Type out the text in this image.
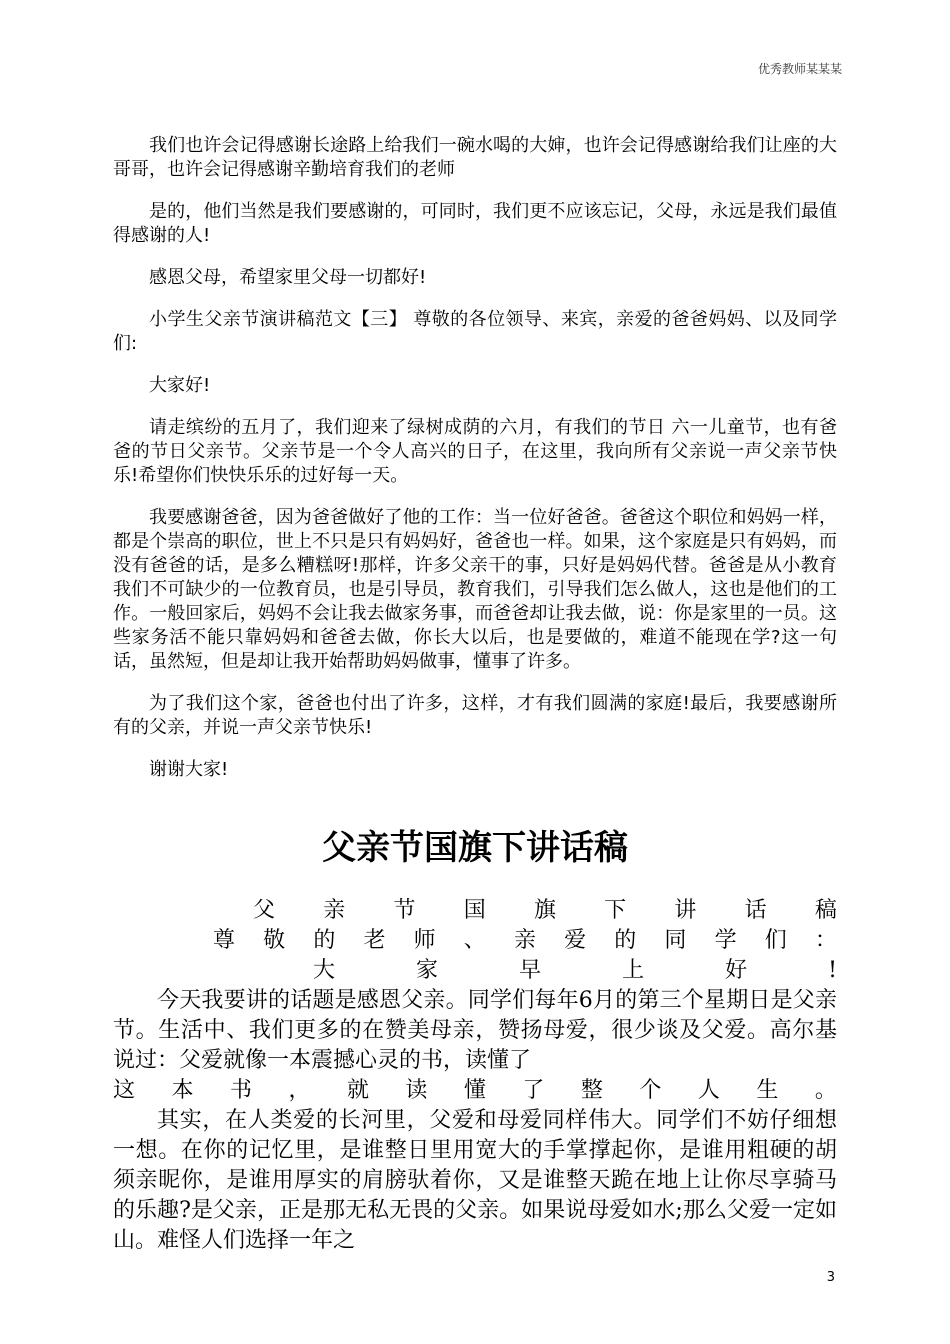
优秀教师某某某

我们也许会记得感谢长途路上给我们一碗水喝的大婶，也许会记得感谢给我们让座的大哥哥，也许会记得感谢辛勤培育我们的老师

是的，他们当然是我们要感谢的，可同时，我们更不应该忘记，父母，永远是我们最值得感谢的人!

感恩父母，希望家里父母一切都好!

小学生父亲节演讲稿范文【三】 尊敬的各位领导、来宾，亲爱的爸爸妈妈、以及同学们:

大家好!

请走缤纷的五月了，我们迎来了绿树成荫的六月，有我们的节日 六一儿童节，也有爸爸的节日父亲节。父亲节是一个令人高兴的日子，在这里，我向所有父亲说一声父亲节快乐!希望你们快快乐乐的过好每一天。

我要感谢爸爸，因为爸爸做好了他的工作：当一位好爸爸。爸爸这个职位和妈妈一样，都是个崇高的职位，世上不只是只有妈妈好，爸爸也一样。如果，这个家庭是只有妈妈，而没有爸爸的话，是多么糟糕呀!那样，许多父亲干的事，只好是妈妈代替。爸爸是从小教育我们不可缺少的一位教育员，也是引导员，教育我们，引导我们怎么做人，这也是他们的工作。一般回家后，妈妈不会让我去做家务事，而爸爸却让我去做，说：你是家里的一员。这些家务活不能只靠妈妈和爸爸去做，你长大以后，也是要做的，难道不能现在学?这一句话，虽然短，但是却让我开始帮助妈妈做事，懂事了许多。

为了我们这个家，爸爸也付出了许多，这样，才有我们圆满的家庭!最后，我要感谢所有的父亲，并说一声父亲节快乐!

谢谢大家!

父亲节国旗下讲话稿
父 亲 节 国 旗 下 讲 话 稿
尊 敬 的 老 师 、 亲 爱 的 同 学 们 ：
大	家	早	上	好	!

今天我要讲的话题是感恩父亲。同学们每年6月的第三个星期日是父亲节。生活中、我们更多的在赞美母亲，赞扬母爱，很少谈及父爱。高尔基说过：父爱就像一本震撼心灵的书，读懂了

这 本 书 ， 就 读 懂 了 整 个 人 生 。

其实，在人类爱的长河里，父爱和母爱同样伟大。同学们不妨仔细想一想。在你的记忆里，是谁整日里用宽大的手掌撑起你，是谁用粗硬的胡须亲昵你，是谁用厚实的肩膀驮着你，又是谁整天跪在地上让你尽享骑马的乐趣?是父亲，正是那无私无畏的父亲。如果说母爱如水;那么父爱一定如山。难怪人们选择一年之

3
